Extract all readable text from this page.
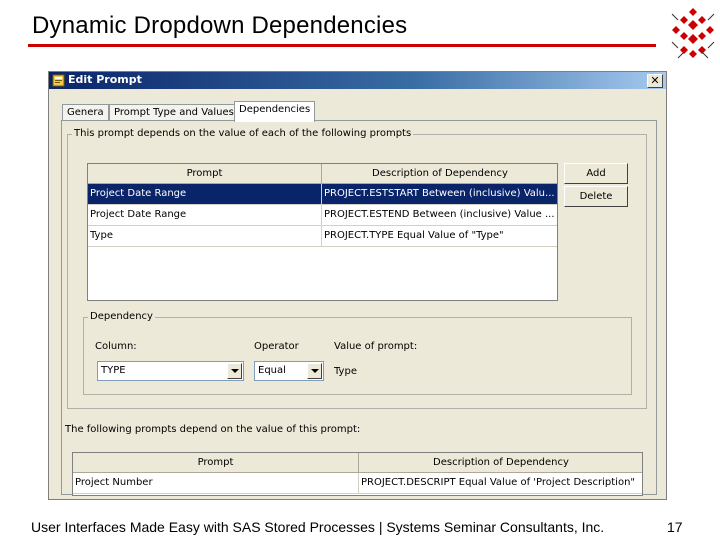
Dynamic Dropdown Dependencies
Edit Prompt	✕
Genera	Prompt Type and Values Dependencies
This prompt depends on the value of each of the following prompts
Prompt	Description of Dependency
Project Date Range	PROJECT.ESTSTART Between (inclusive) Valu...
Project Date Range	PROJECT.ESTEND Between (inclusive) Value ...
Type	PROJECT.TYPE Equal Value of "Type"
Add
Delete
Dependency
Column:	Operator	Value of prompt:
TYPE	Equal	Type
The following prompts depend on the value of this prompt:
Prompt	Description of Dependency
Project Number	PROJECT.DESCRIPT Equal Value of 'Project Description"
User Interfaces Made Easy with SAS Stored Processes | Systems Seminar Consultants, Inc.	17
